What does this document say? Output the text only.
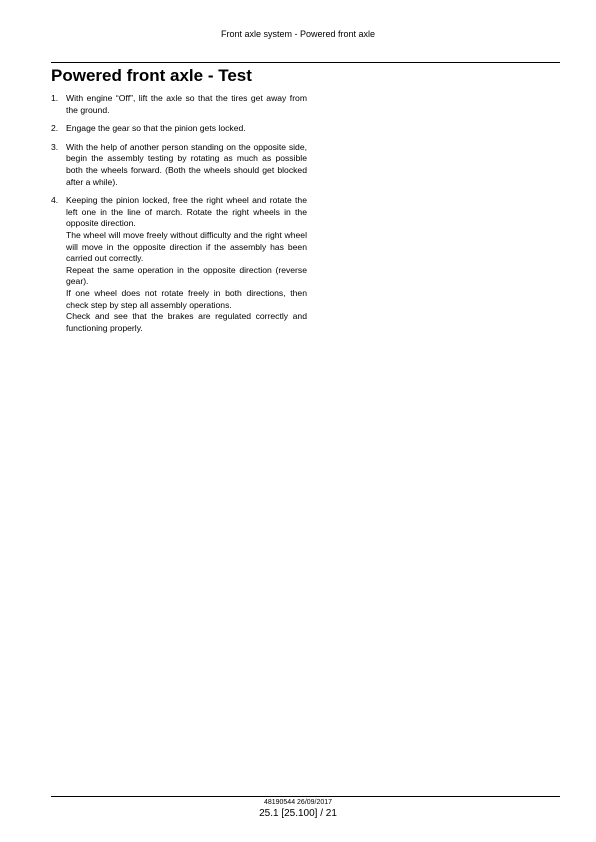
Front axle system - Powered front axle
Powered front axle - Test
1. With engine “Off”, lift the axle so that the tires get away from the ground.
2. Engage the gear so that the pinion gets locked.
3. With the help of another person standing on the opposite side, begin the assembly testing by rotating as much as possible both the wheels forward. (Both the wheels should get blocked after a while).
4. Keeping the pinion locked, free the right wheel and rotate the left one in the line of march. Rotate the right wheels in the opposite direction.
The wheel will move freely without difficulty and the right wheel will move in the opposite direction if the assembly has been carried out correctly.
Repeat the same operation in the opposite direction (reverse gear).
If one wheel does not rotate freely in both directions, then check step by step all assembly operations.
Check and see that the brakes are regulated correctly and functioning properly.
48190544 26/09/2017
25.1 [25.100] / 21
